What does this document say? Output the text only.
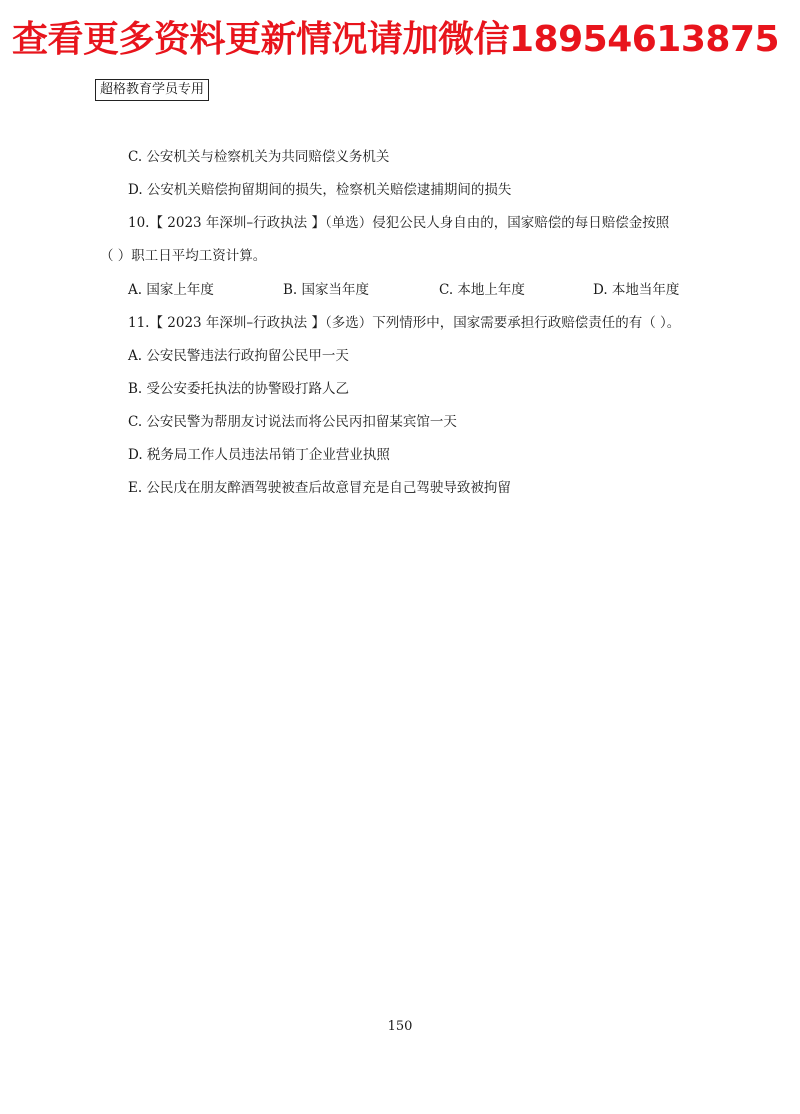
查看更多资料更新情况请加微信18954613875
超格教育学员专用
C. 公安机关与检察机关为共同赔偿义务机关
D. 公安机关赔偿拘留期间的损失，检察机关赔偿逮捕期间的损失
10.【 2023 年深圳–行政执法 】（单选）侵犯公民人身自由的，国家赔偿的每日赔偿金按照
（ ）职工日平均工资计算。
A. 国家上年度	B. 国家当年度	C. 本地上年度	D. 本地当年度
11.【 2023 年深圳–行政执法 】（多选）下列情形中，国家需要承担行政赔偿责任的有（ ）。
A. 公安民警违法行政拘留公民甲一天
B. 受公安委托执法的协警殴打路人乙
C. 公安民警为帮朋友讨说法而将公民丙扣留某宾馆一天
D. 税务局工作人员违法吊销丁企业营业执照
E. 公民戊在朋友醉酒驾驶被查后故意冒充是自己驾驶导致被拘留
150
